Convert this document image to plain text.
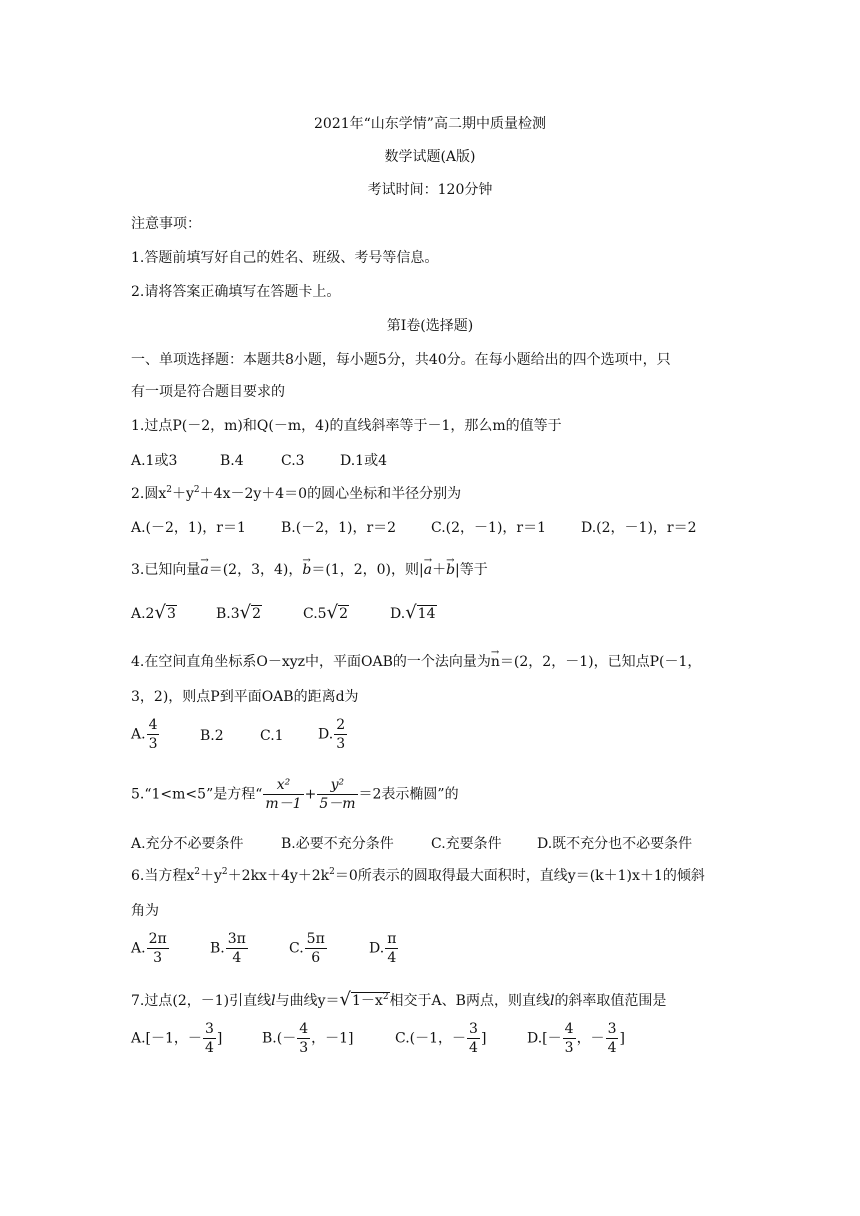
2021年“山东学情”高二期中质量检测
数学试题(A版)
考试时间：120分钟
注意事项：
1.答题前填写好自己的姓名、班级、考号等信息。
2.请将答案正确填写在答题卡上。
第I卷(选择题)
一、单项选择题：本题共8小题，每小题5分，共40分。在每小题给出的四个选项中，只
有一项是符合题目要求的
1.过点P(－2，m)和Q(－m，4)的直线斜率等于－1，那么m的值等于
A.1或3	B.4	C.3	D.1或4
2.圆$x^2+y^2+4x-2y+4=0$的圆心坐标和半径分别为
A.(－2，1)，r＝1	B.(－2，1)，r＝2 C.(2，－1)，r＝1 D.(2，－1)，r＝2
3.已知向量→ a＝(2，3，4)，→ b＝(1，2，0)，则|→ a＋→ b|等于
A.2√3	B.3√2	C.5√2	D.√14
4.在空间直角坐标系O－xyz中，平面OAB的一个法向量为→ n＝(2，2，－1)，已知点P(－1，
3，2)，则点P到平面OAB的距离d为
A. $\frac{4}{3}$	B.2	C.1 D. $\frac{2}{3}$
5.“1<m<5”是方程“ $\frac{\text{x²}}{m-1} + \frac{\text{y²}}{5-m} =2$表示椭圆”的
A.充分不必要条件	B.必要不充分条件	C.充要条件	D.既不充分也不必要条件
6.当方程$x^2+y^2+2kx+4y+2k^2=0$所表示的圆取得最大面积时，直线y＝(k＋1)x＋1的倾斜
角为
A. $\frac{2\pi}{3}$	B. $\frac{3\pi}{4}$	C. $\frac{5\pi}{6}$	D. $\frac{\pi}{4}$
7.过点(2，－1)引直线l与曲线$y=√1-x^2$相交于A、B两点，则直线l的斜率取值范围是
A.[－1，－ $\frac{3}{4}$ ]	$B.(- \frac{4}{3}$ ，－1]	C.(－1，－ $\frac{3}{4}$ ]	$D.[- \frac{4}{3}$ ，－ $\frac{3}{4}$ ]
